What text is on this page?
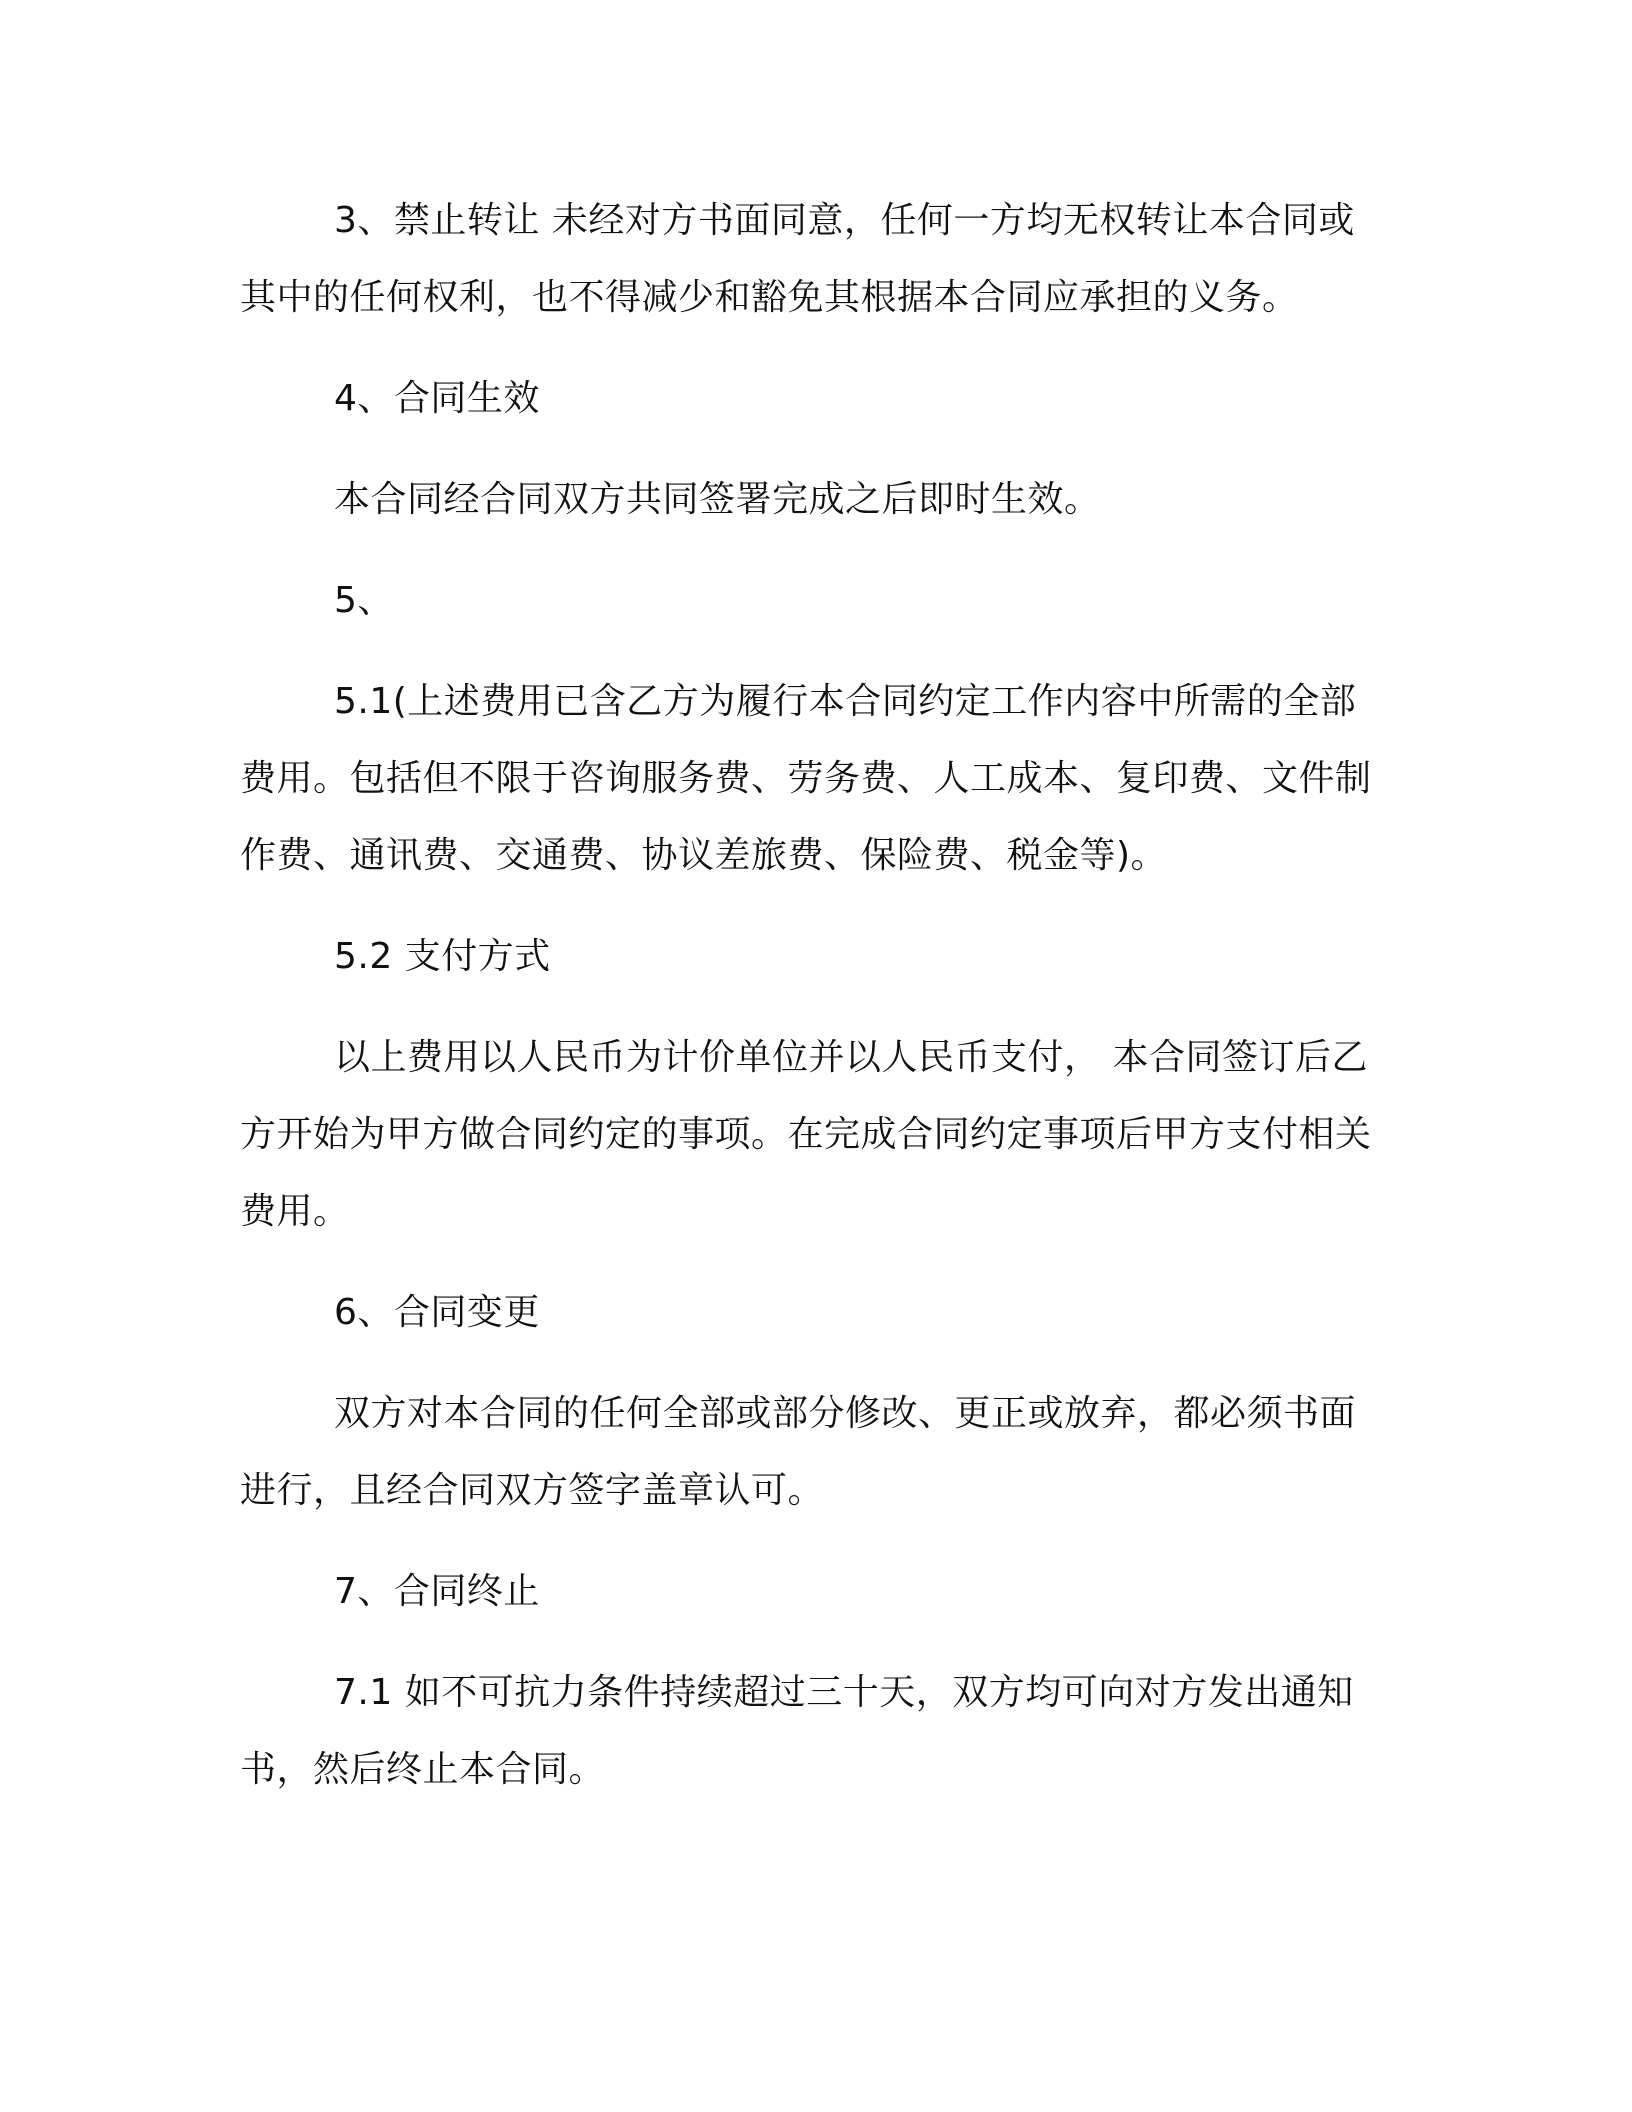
3、禁止转让 未经对方书面同意，任何一方均无权转让本合同或其中的任何权利，也不得减少和豁免其根据本合同应承担的义务。

4、合同生效

本合同经合同双方共同签署完成之后即时生效。

5、

5.1(上述费用已含乙方为履行本合同约定工作内容中所需的全部费用。包括但不限于咨询服务费、劳务费、人工成本、复印费、文件制作费、通讯费、交通费、协议差旅费、保险费、税金等)。

5.2 支付方式

以上费用以人民币为计价单位并以人民币支付， 本合同签订后乙方开始为甲方做合同约定的事项。在完成合同约定事项后甲方支付相关费用。

6、合同变更

双方对本合同的任何全部或部分修改、更正或放弃，都必须书面进行，且经合同双方签字盖章认可。

7、合同终止

7.1 如不可抗力条件持续超过三十天，双方均可向对方发出通知书，然后终止本合同。
